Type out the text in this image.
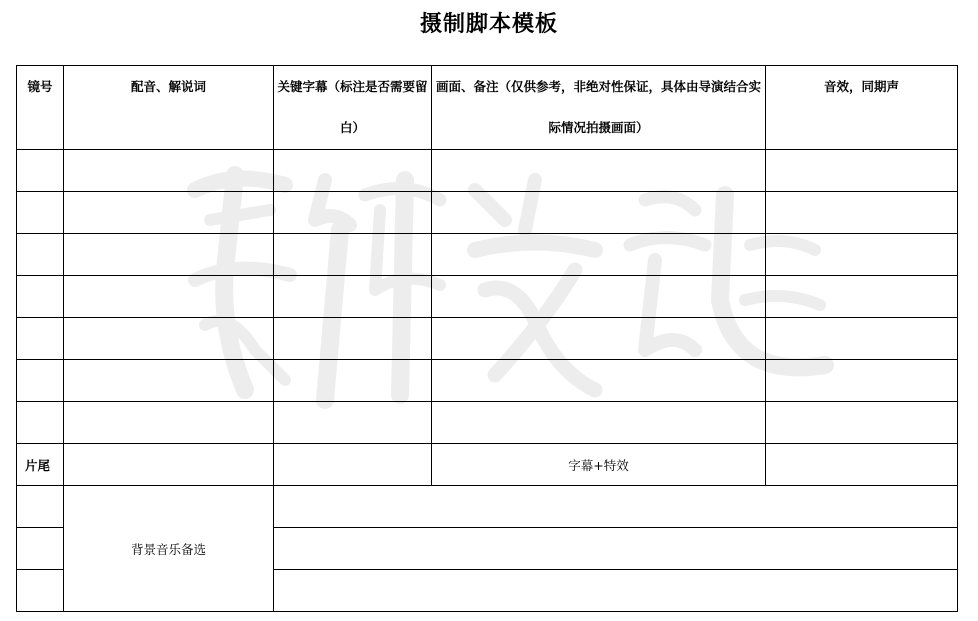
摄制脚本模板
镜号	配音、解说词	关键字幕（标注是否需要留白）	画面、备注（仅供参考，非绝对性保证，具体由导演结合实际情况拍摄画面）	音效，同期声

片尾			字幕+特效	
	背景音乐备选			
